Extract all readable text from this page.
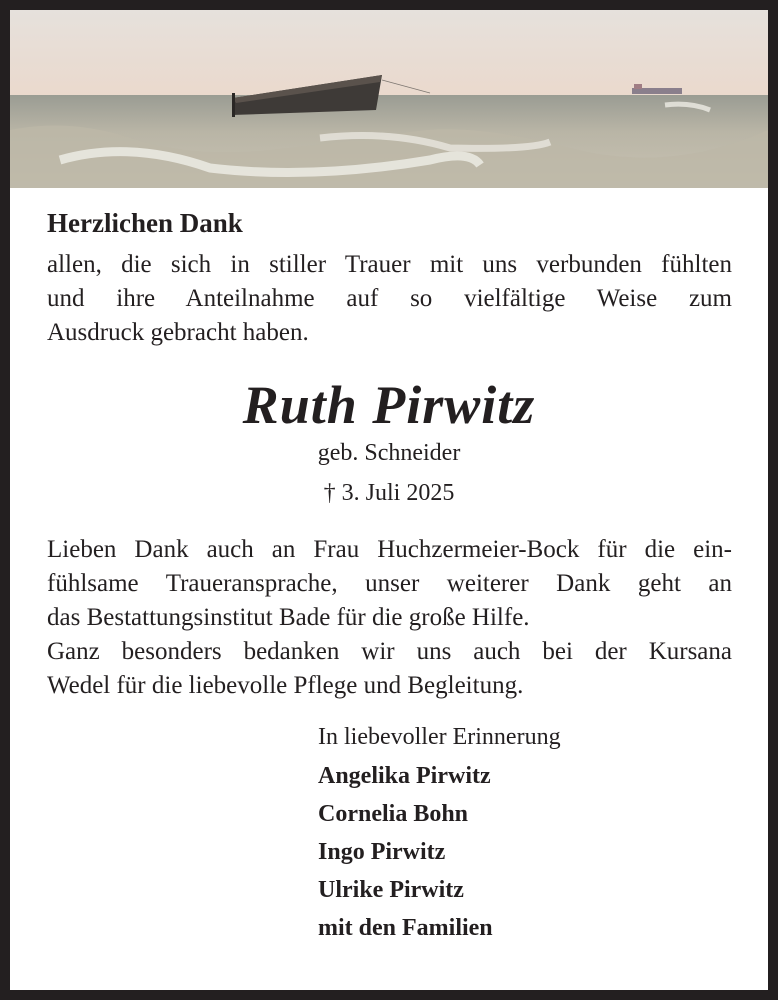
Herzlichen Dank
allen, die sich in stiller Trauer mit uns verbunden fühlten
und ihre Anteilnahme auf so vielfältige Weise zum
Ausdruck gebracht haben.
Ruth Pirwitz
geb. Schneider
† 3. Juli 2025
Lieben Dank auch an Frau Huchzermeier-Bock für die ein-
fühlsame Traueransprache, unser weiterer Dank geht an
das Bestattungsinstitut Bade für die große Hilfe.
Ganz besonders bedanken wir uns auch bei der Kursana
Wedel für die liebevolle Pflege und Begleitung.
In liebevoller Erinnerung
Angelika Pirwitz
Cornelia Bohn
Ingo Pirwitz
Ulrike Pirwitz
mit den Familien
